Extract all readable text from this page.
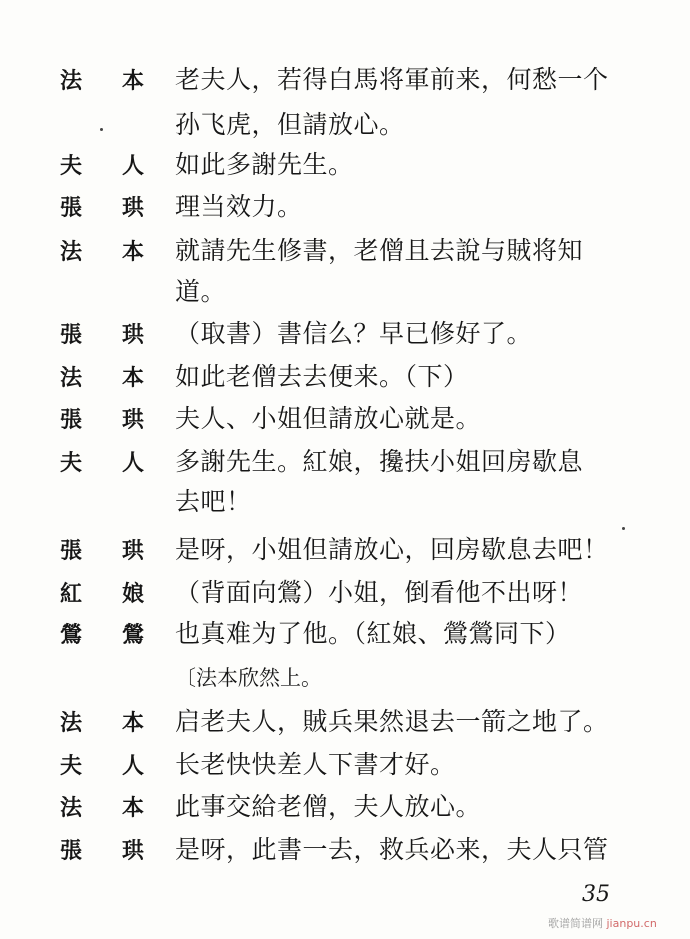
法 本 老夫人，若得白馬将軍前来，何愁一个
孙飞虎，但請放心。
夫 人 如此多謝先生。
張 珙 理当效力。
法 本 就請先生修書，老僧且去說与賊将知
道。
張 珙 （取書）書信么？早已修好了。
法 本 如此老僧去去便来。（下）
張 珙 夫人、小姐但請放心就是。
夫 人 多謝先生。紅娘，攙扶小姐回房歇息
去吧！
張 珙 是呀，小姐但請放心，回房歇息去吧！
紅 娘 （背面向鶯）小姐，倒看他不出呀！
鶯 鶯 也真难为了他。（紅娘、鶯鶯同下）
〔法本欣然上。
法 本 启老夫人，賊兵果然退去一箭之地了。
夫 人 长老快快差人下書才好。
法 本 此事交給老僧，夫人放心。
張 珙 是呀，此書一去，救兵必来，夫人只管
35
歌谱简谱网 jianpu.cn
